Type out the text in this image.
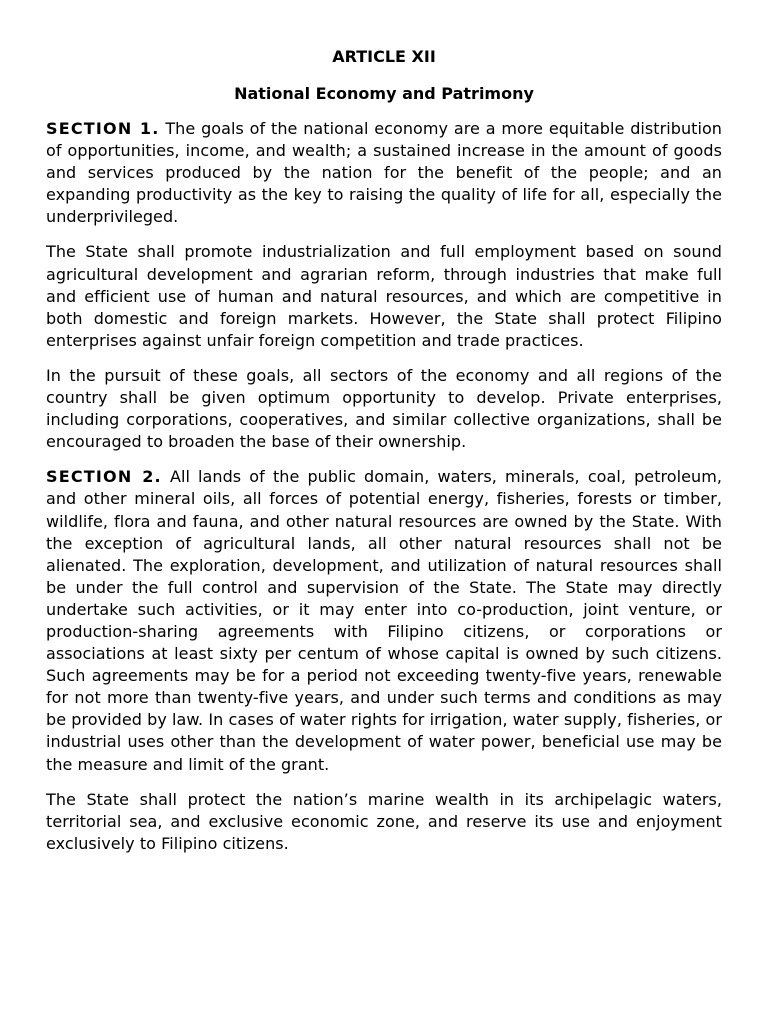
ARTICLE XII
National Economy and Patrimony

SECTION 1. The goals of the national economy are a more equitable distribution of opportunities, income, and wealth; a sustained increase in the amount of goods and services produced by the nation for the benefit of the people; and an expanding productivity as the key to raising the quality of life for all, especially the underprivileged.

The State shall promote industrialization and full employment based on sound agricultural development and agrarian reform, through industries that make full and efficient use of human and natural resources, and which are competitive in both domestic and foreign markets. However, the State shall protect Filipino enterprises against unfair foreign competition and trade practices.

In the pursuit of these goals, all sectors of the economy and all regions of the country shall be given optimum opportunity to develop. Private enterprises, including corporations, cooperatives, and similar collective organizations, shall be encouraged to broaden the base of their ownership.

SECTION 2. All lands of the public domain, waters, minerals, coal, petroleum, and other mineral oils, all forces of potential energy, fisheries, forests or timber, wildlife, flora and fauna, and other natural resources are owned by the State. With the exception of agricultural lands, all other natural resources shall not be alienated. The exploration, development, and utilization of natural resources shall be under the full control and supervision of the State. The State may directly undertake such activities, or it may enter into co-production, joint venture, or production-sharing agreements with Filipino citizens, or corporations or associations at least sixty per centum of whose capital is owned by such citizens. Such agreements may be for a period not exceeding twenty-five years, renewable for not more than twenty-five years, and under such terms and conditions as may be provided by law. In cases of water rights for irrigation, water supply, fisheries, or industrial uses other than the development of water power, beneficial use may be the measure and limit of the grant.

The State shall protect the nation’s marine wealth in its archipelagic waters, territorial sea, and exclusive economic zone, and reserve its use and enjoyment exclusively to Filipino citizens.
